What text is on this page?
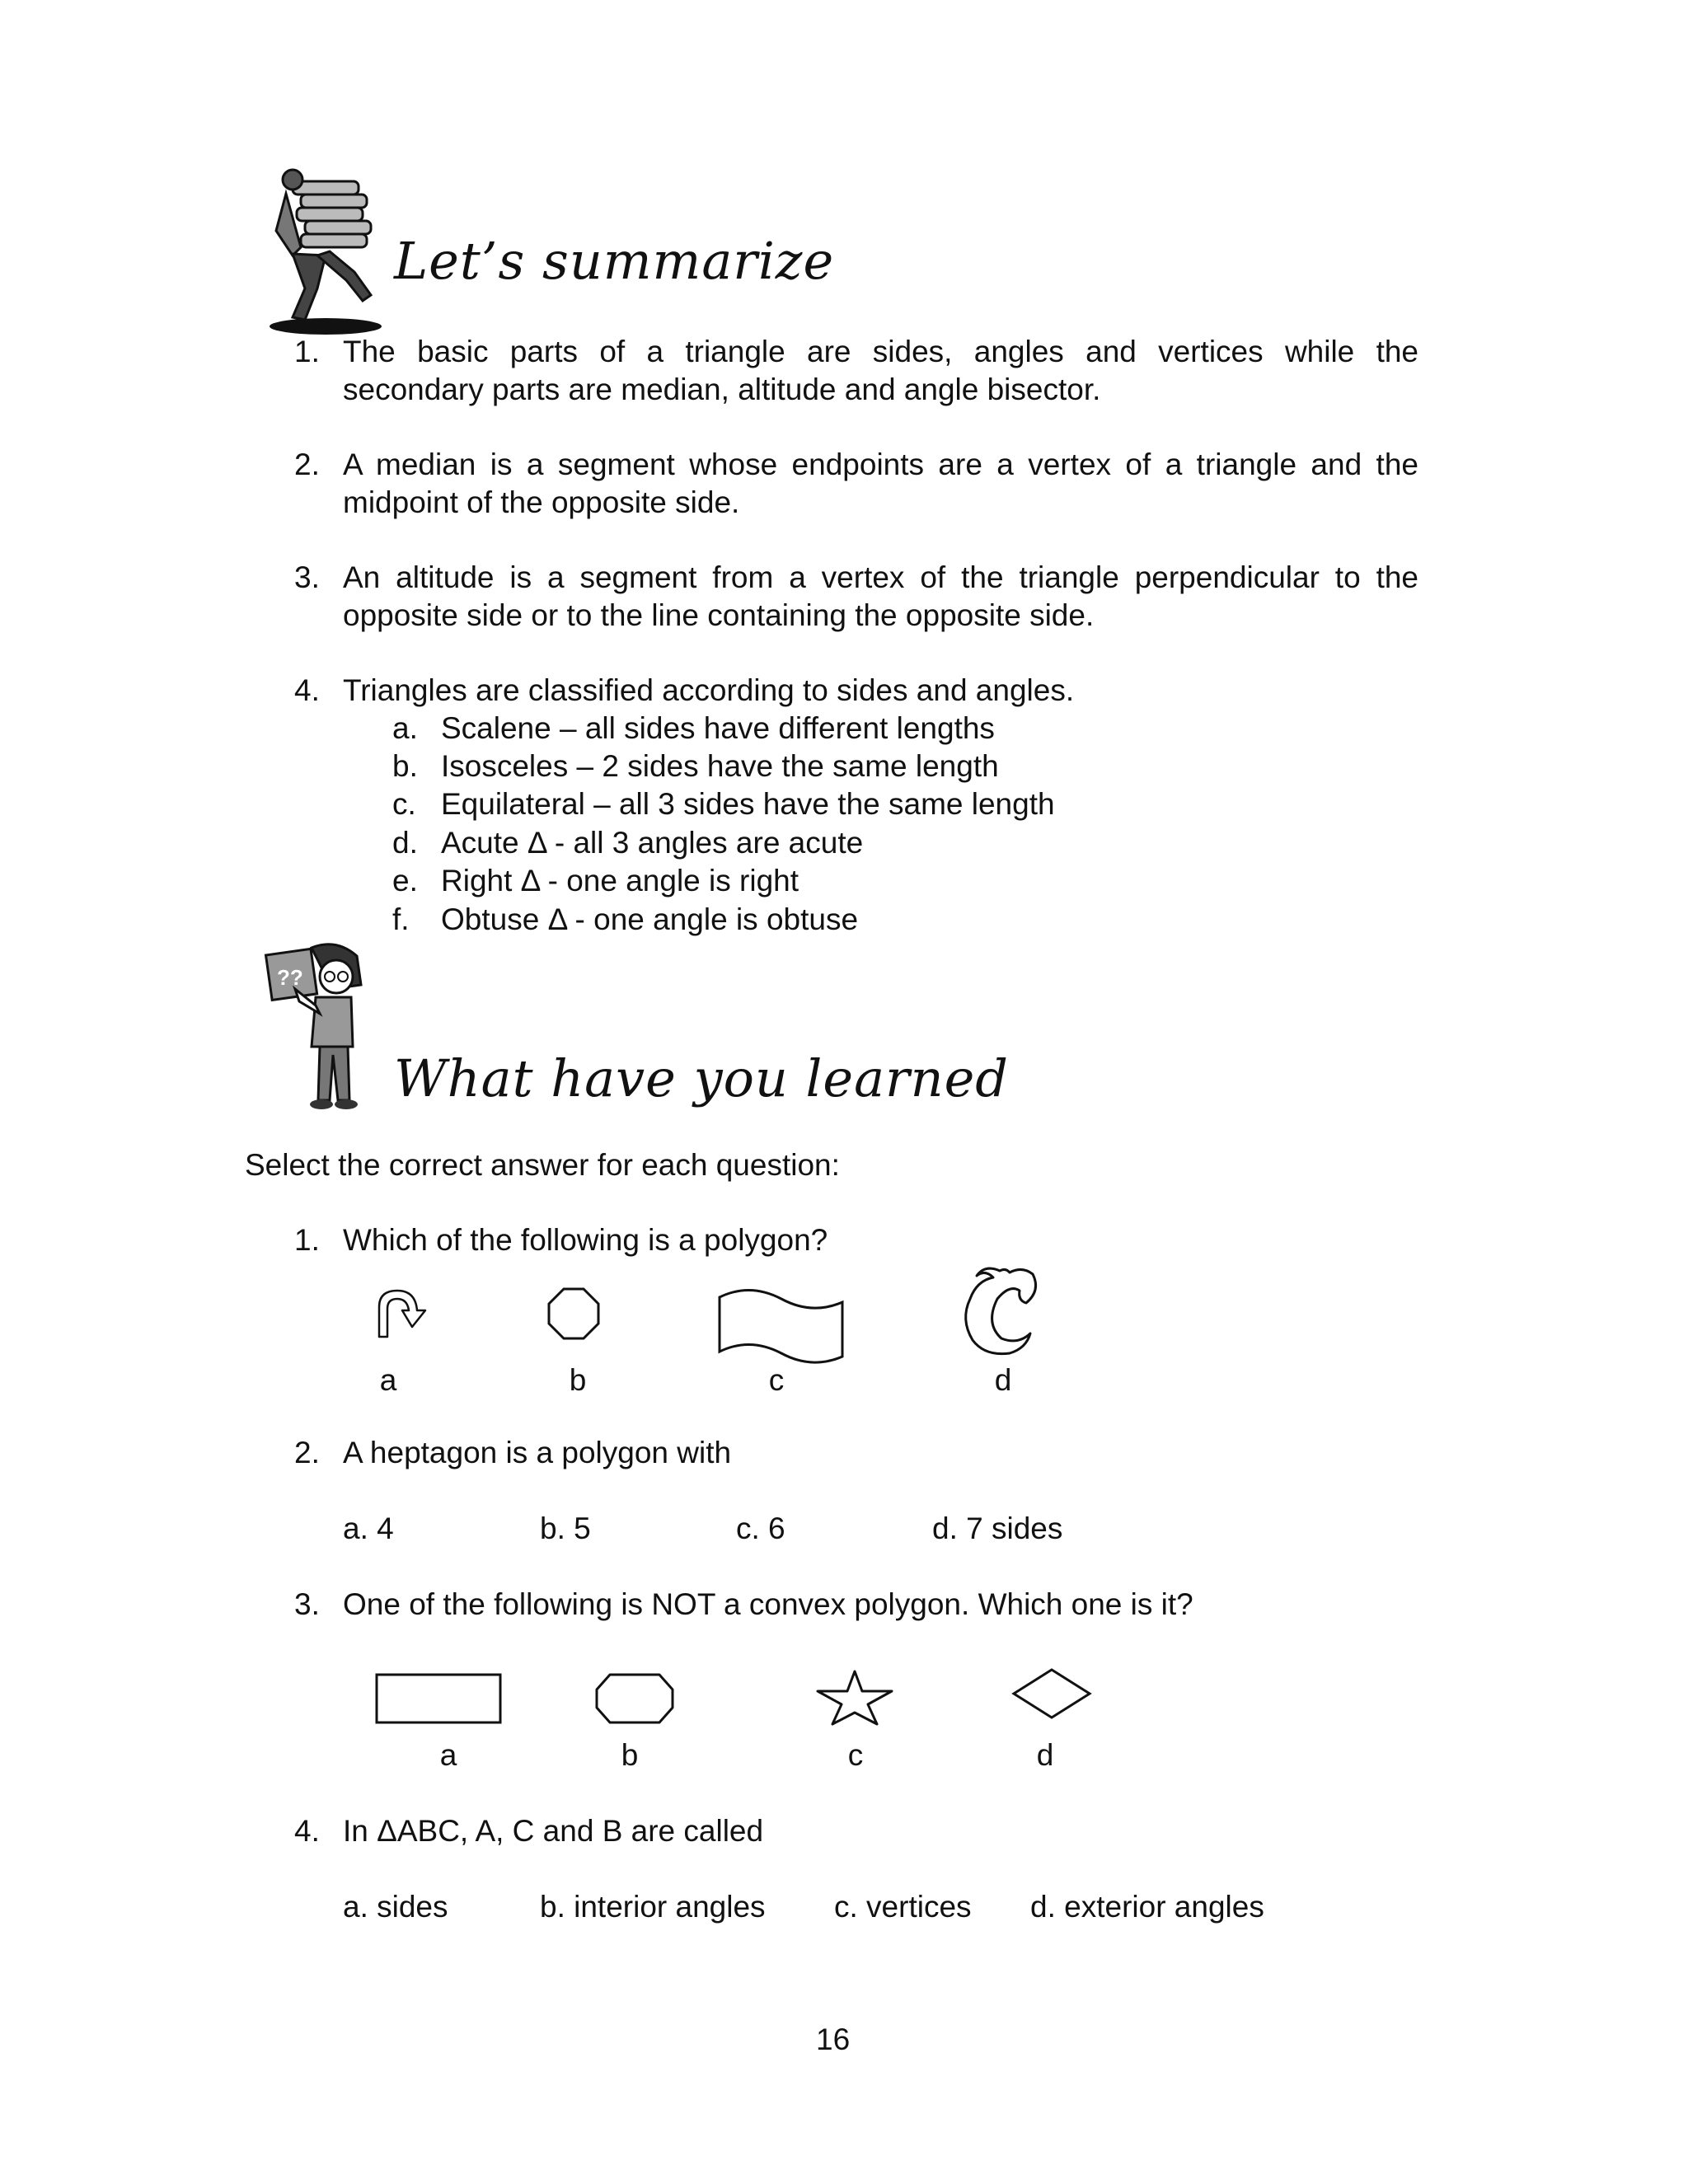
Let’s summarize
1. The basic parts of a triangle are sides, angles and vertices while the
secondary parts are median, altitude and angle bisector.
2. A median is a segment whose endpoints are a vertex of a triangle and the
midpoint of the opposite side.
3. An altitude is a segment from a vertex of the triangle perpendicular to the
opposite side or to the line containing the opposite side.
4. Triangles are classified according to sides and angles.
a. Scalene – all sides have different lengths
b. Isosceles – 2 sides have the same length
c. Equilateral – all 3 sides have the same length
d. Acute Δ - all 3 angles are acute
e. Right Δ - one angle is right
f. Obtuse Δ - one angle is obtuse
??
What have you learned
Select the correct answer for each question:
1. Which of the following is a polygon?
a	b	c	d
2. A heptagon is a polygon with
a. 4	b. 5	c. 6	d. 7 sides
3. One of the following is NOT a convex polygon. Which one is it?
a	b	c	d
4. In ΔABC, A, C and B are called
a. sides	b. interior angles c. vertices d. exterior angles
16
